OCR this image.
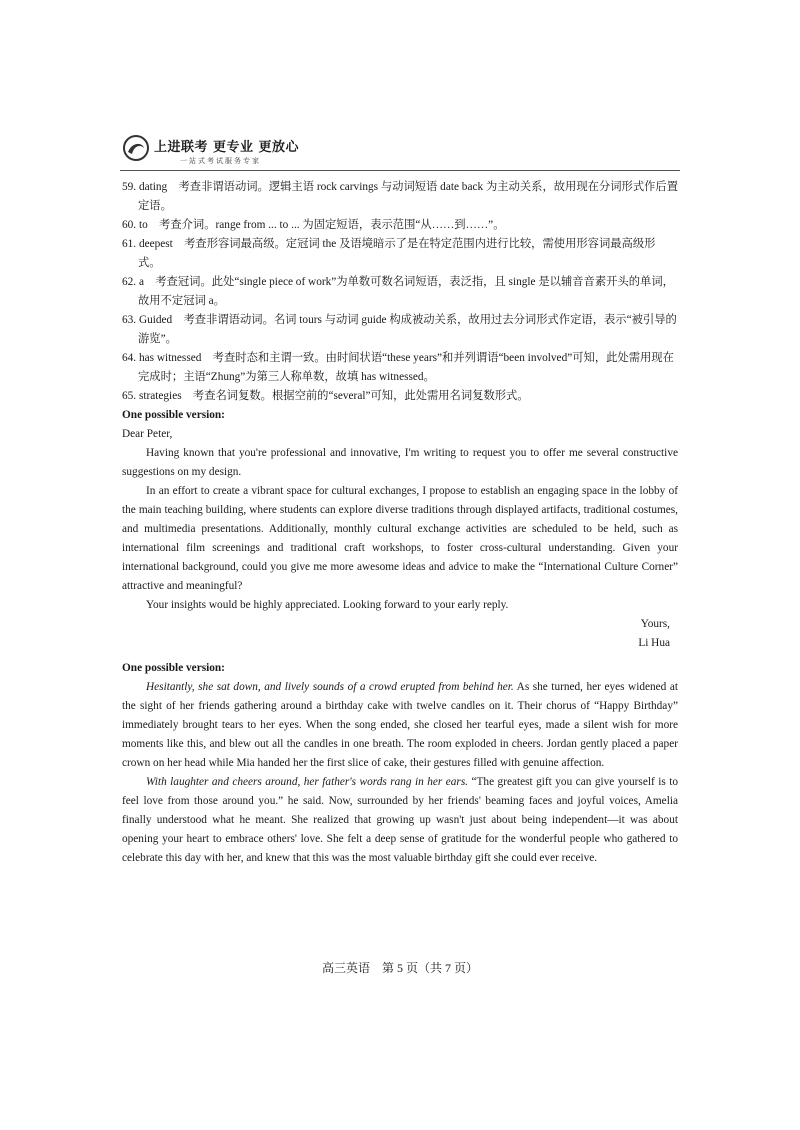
上进联考 更专业 更放心
一站式考试服务专家

59. dating　考查非谓语动词。逻辑主语 rock carvings 与动词短语 date back 为主动关系，故用现在分词形式作后置定语。

60. to　考查介词。range from ... to ... 为固定短语，表示范围“从……到……”。

61. deepest　考查形容词最高级。定冠词 the 及语境暗示了是在特定范围内进行比较，需使用形容词最高级形式。

62. a　考查冠词。此处“single piece of work”为单数可数名词短语，表泛指，且 single 是以辅音音素开头的单词，故用不定冠词 a。

63. Guided　考查非谓语动词。名词 tours 与动词 guide 构成被动关系，故用过去分词形式作定语，表示“被引导的游览”。

64. has witnessed　考查时态和主谓一致。由时间状语“these years”和并列谓语“been involved”可知，此处需用现在完成时；主语“Zhung”为第三人称单数，故填 has witnessed。

65. strategies　考查名词复数。根据空前的“several”可知，此处需用名词复数形式。

One possible version:

Dear Peter,

Having known that you're professional and innovative, I'm writing to request you to offer me several constructive suggestions on my design.

In an effort to create a vibrant space for cultural exchanges, I propose to establish an engaging space in the lobby of the main teaching building, where students can explore diverse traditions through displayed artifacts, traditional costumes, and multimedia presentations. Additionally, monthly cultural exchange activities are scheduled to be held, such as international film screenings and traditional craft workshops, to foster cross-cultural understanding. Given your international background, could you give me more awesome ideas and advice to make the “International Culture Corner” attractive and meaningful?

Your insights would be highly appreciated. Looking forward to your early reply.

Yours,

Li Hua

One possible version:

Hesitantly, she sat down, and lively sounds of a crowd erupted from behind her. As she turned, her eyes widened at the sight of her friends gathering around a birthday cake with twelve candles on it. Their chorus of “Happy Birthday” immediately brought tears to her eyes. When the song ended, she closed her tearful eyes, made a silent wish for more moments like this, and blew out all the candles in one breath. The room exploded in cheers. Jordan gently placed a paper crown on her head while Mia handed her the first slice of cake, their gestures filled with genuine affection.

With laughter and cheers around, her father's words rang in her ears. “The greatest gift you can give yourself is to feel love from those around you.” he said. Now, surrounded by her friends' beaming faces and joyful voices, Amelia finally understood what he meant. She realized that growing up wasn't just about being independent—it was about opening your heart to embrace others' love. She felt a deep sense of gratitude for the wonderful people who gathered to celebrate this day with her, and knew that this was the most valuable birthday gift she could ever receive.

高三英语　第 5 页（共 7 页）
